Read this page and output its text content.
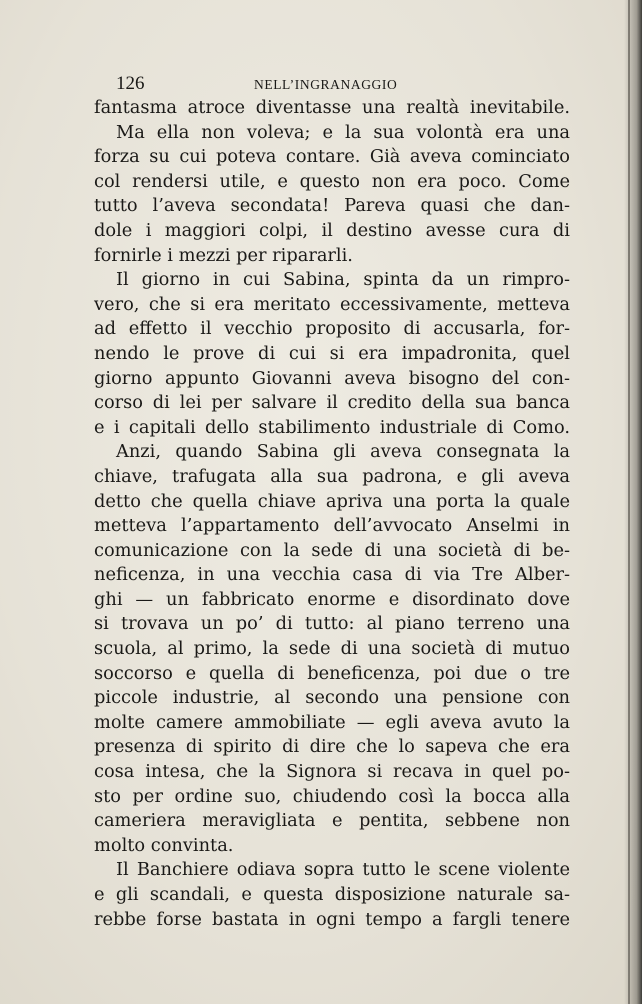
126	NELL’INGRANAGGIO
fantasma atroce diventasse una realtà inevitabile.
Ma ella non voleva; e la sua volontà era una
forza su cui poteva contare. Già aveva cominciato
col rendersi utile, e questo non era poco. Come
tutto l’aveva secondata! Pareva quasi che dan-
dole i maggiori colpi, il destino avesse cura di
fornirle i mezzi per ripararli.
Il giorno in cui Sabina, spinta da un rimpro-
vero, che si era meritato eccessivamente, metteva
ad effetto il vecchio proposito di accusarla, for-
nendo le prove di cui si era impadronita, quel
giorno appunto Giovanni aveva bisogno del con-
corso di lei per salvare il credito della sua banca
e i capitali dello stabilimento industriale di Como.
Anzi, quando Sabina gli aveva consegnata la
chiave, trafugata alla sua padrona, e gli aveva
detto che quella chiave apriva una porta la quale
metteva l’appartamento dell’avvocato Anselmi in
comunicazione con la sede di una società di be-
neficenza, in una vecchia casa di via Tre Alber-
ghi — un fabbricato enorme e disordinato dove
si trovava un po’ di tutto: al piano terreno una
scuola, al primo, la sede di una società di mutuo
soccorso e quella di beneficenza, poi due o tre
piccole industrie, al secondo una pensione con
molte camere ammobiliate — egli aveva avuto la
presenza di spirito di dire che lo sapeva che era
cosa intesa, che la Signora si recava in quel po-
sto per ordine suo, chiudendo così la bocca alla
cameriera meravigliata e pentita, sebbene non
molto convinta.
Il Banchiere odiava sopra tutto le scene violente
e gli scandali, e questa disposizione naturale sa-
rebbe forse bastata in ogni tempo a fargli tenere
